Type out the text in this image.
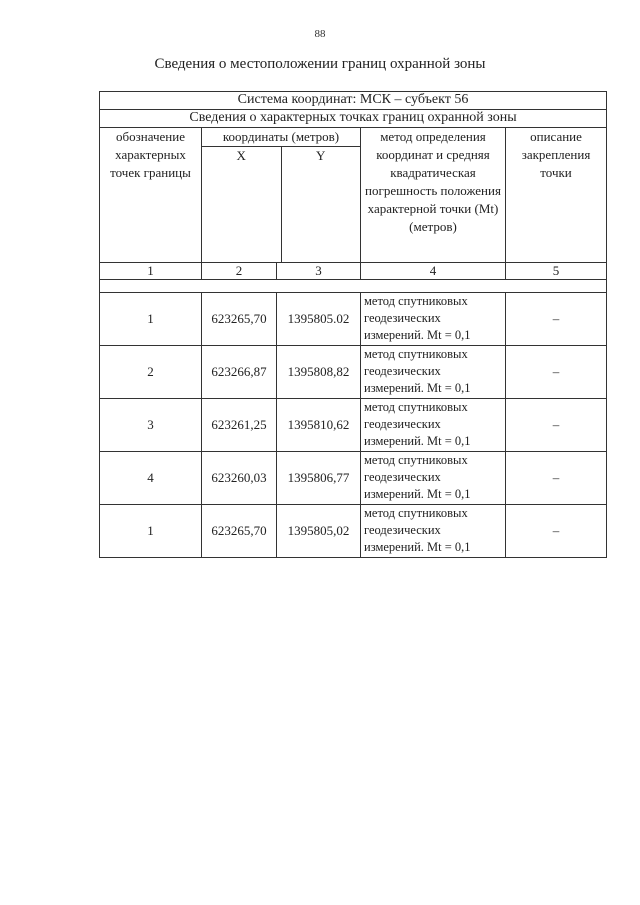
88
Сведения о местоположении границ охранной зоны
Система координат: МСК – субъект 56				
Сведения о характерных точках границ охранной зоны				
обозначение характерных точек границы	координаты (метров)
X Y		метод определения координат и средняя квадратическая погрешность положения характерной точки (Mt) (метров)	описание закрепления точки
1	2	3	4	5

1	623265,70	1395805.02	метод спутниковых геодезических измерений. Mt = 0,1	–
2	623266,87	1395808,82	метод спутниковых геодезических измерений. Mt = 0,1	–
3	623261,25	1395810,62	метод спутниковых геодезических измерений. Mt = 0,1	–
4	623260,03	1395806,77	метод спутниковых геодезических измерений. Mt = 0,1	–
1	623265,70	1395805,02	метод спутниковых геодезических измерений. Mt = 0,1	–
